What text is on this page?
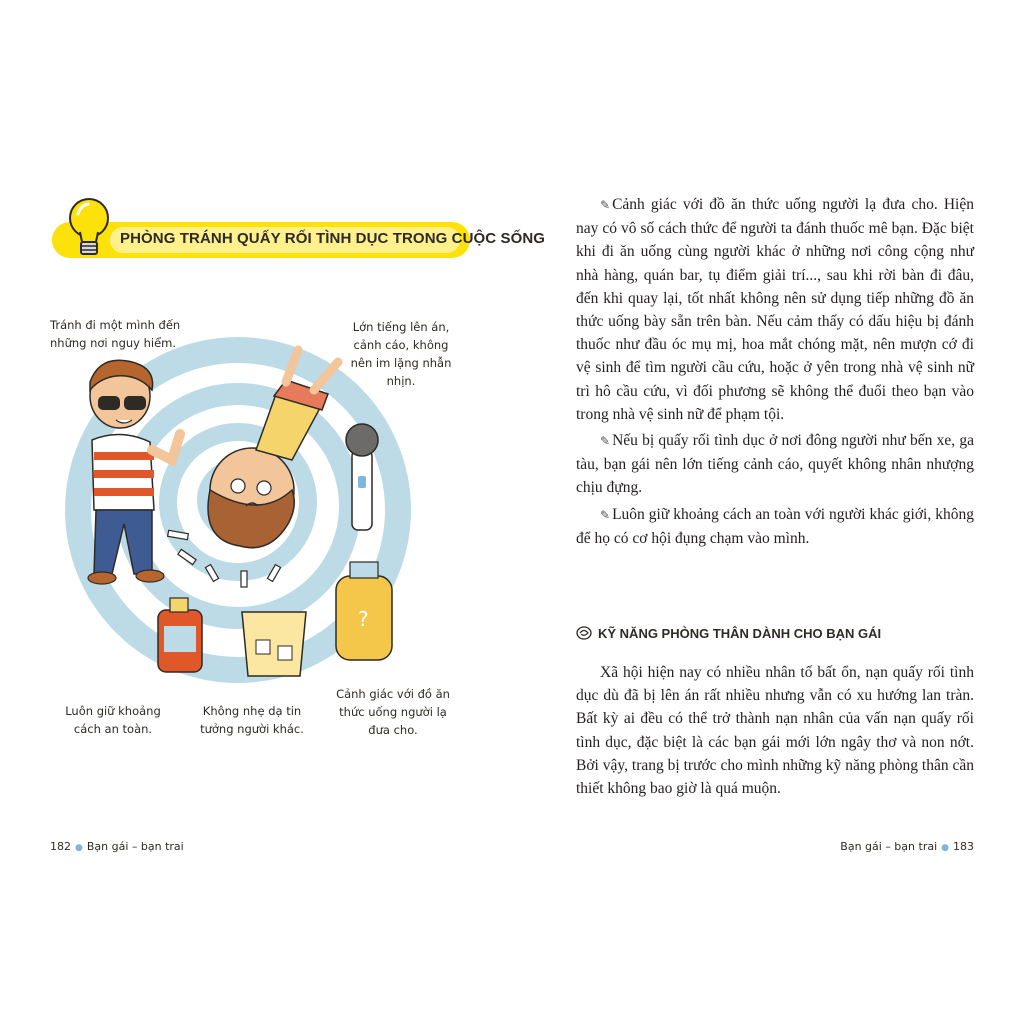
PHÒNG TRÁNH QUẤY RỐI TÌNH DỤC TRONG CUỘC SỐNG
?
Tránh đi một mình đến những nơi nguy hiểm.
Lớn tiếng lên án, cảnh cáo, không nên im lặng nhẫn nhịn.
Luôn giữ khoảng cách an toàn.
Không nhẹ dạ tin tưởng người khác.
Cảnh giác với đồ ăn thức uống người lạ đưa cho.
182 ● Bạn gái – bạn trai

✎ Cảnh giác với đồ ăn thức uống người lạ đưa cho. Hiện nay có vô số cách thức để người ta đánh thuốc mê bạn. Đặc biệt khi đi ăn uống cùng người khác ở những nơi công cộng như nhà hàng, quán bar, tụ điểm giải trí..., sau khi rời bàn đi đâu, đến khi quay lại, tốt nhất không nên sử dụng tiếp những đồ ăn thức uống bày sẵn trên bàn. Nếu cảm thấy có dấu hiệu bị đánh thuốc như đầu óc mụ mị, hoa mắt chóng mặt, nên mượn cớ đi vệ sinh để tìm người cầu cứu, hoặc ở yên trong nhà vệ sinh nữ trì hô cầu cứu, vì đối phương sẽ không thể đuổi theo bạn vào trong nhà vệ sinh nữ để phạm tội.

✎ Nếu bị quấy rối tình dục ở nơi đông người như bến xe, ga tàu, bạn gái nên lớn tiếng cảnh cáo, quyết không nhân nhượng chịu đựng.

✎ Luôn giữ khoảng cách an toàn với người khác giới, không để họ có cơ hội đụng chạm vào mình.

KỸ NĂNG PHÒNG THÂN DÀNH CHO BẠN GÁI

Xã hội hiện nay có nhiều nhân tố bất ổn, nạn quấy rối tình dục dù đã bị lên án rất nhiều nhưng vẫn có xu hướng lan tràn. Bất kỳ ai đều có thể trở thành nạn nhân của vấn nạn quấy rối tình dục, đặc biệt là các bạn gái mới lớn ngây thơ và non nớt. Bởi vậy, trang bị trước cho mình những kỹ năng phòng thân cần thiết không bao giờ là quá muộn.

Bạn gái – bạn trai ● 183
